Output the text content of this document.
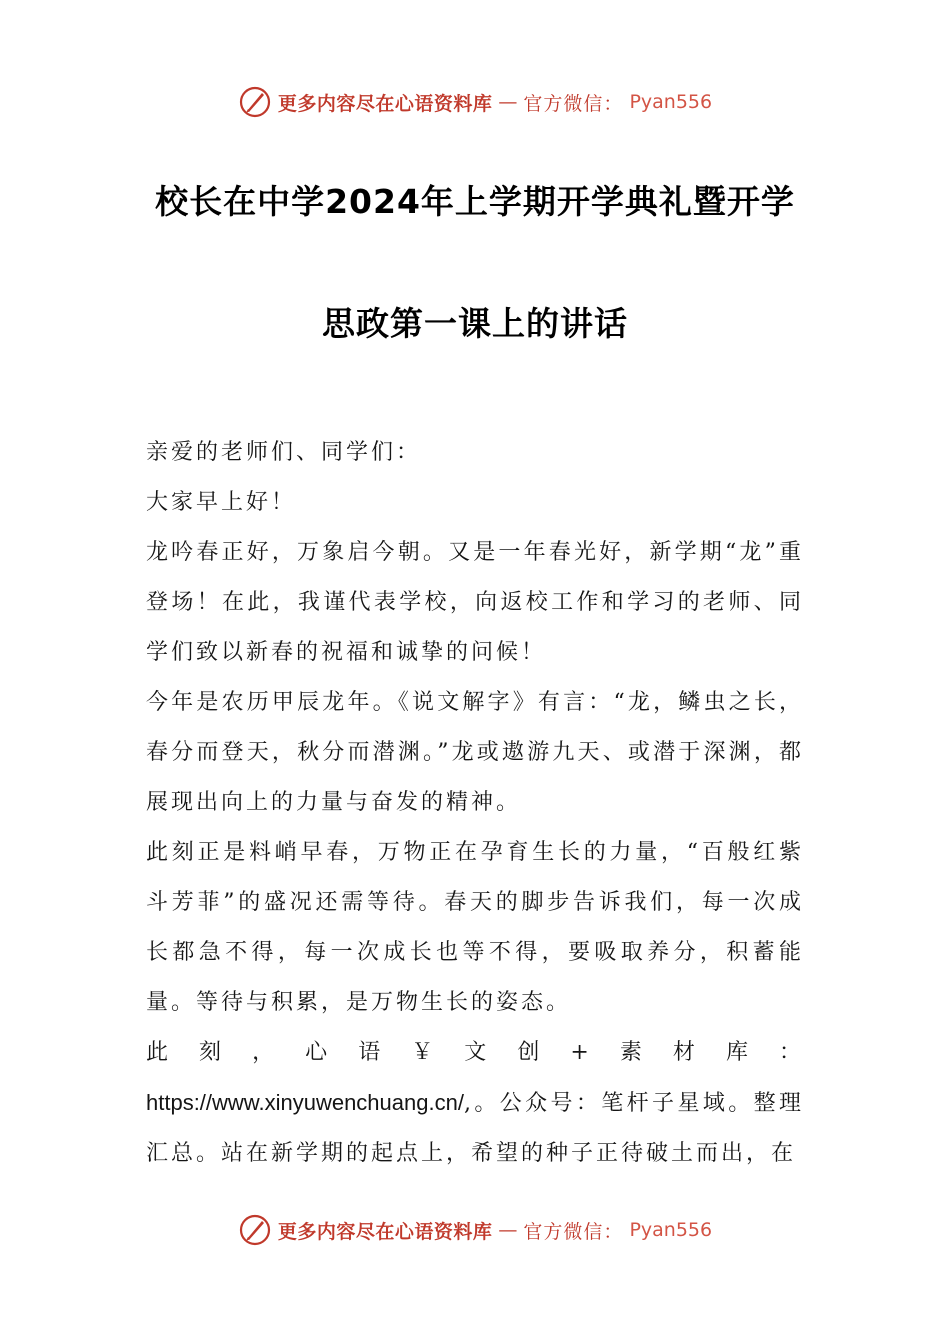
更多内容尽在心语资料库 — 官方微信： Pyan556
校长在中学2024年上学期开学典礼暨开学
思政第一课上的讲话

亲爱的老师们、同学们：

大家早上好！

龙吟春正好，万象启今朝。又是一年春光好，新学期“龙”重登场！在此，我谨代表学校，向返校工作和学习的老师、同学们致以新春的祝福和诚挚的问候！

今年是农历甲辰龙年。《说文解字》有言：“龙，鳞虫之长，春分而登天，秋分而潜渊。”龙或遨游九天、或潜于深渊，都展现出向上的力量与奋发的精神。

此刻正是料峭早春，万物正在孕育生长的力量，“百般红紫斗芳菲”的盛况还需等待。春天的脚步告诉我们，每一次成长都急不得，每一次成长也等不得，要吸取养分，积蓄能量。等待与积累，是万物生长的姿态。

此刻，心语￥文创+素材库：https://www.xinyuwenchuang.cn/,。公众号：笔杆子星域。整理汇总。站在新学期的起点上，希望的种子正待破土而出，在

更多内容尽在心语资料库 — 官方微信： Pyan556
